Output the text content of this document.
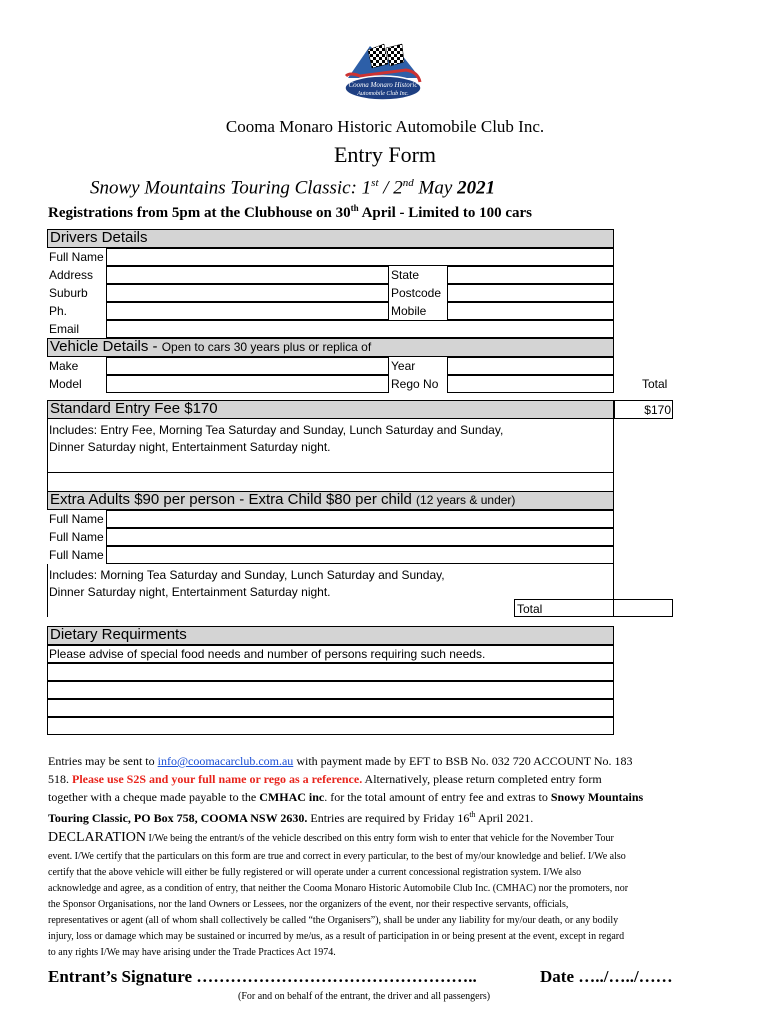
Cooma Monaro Historic
Automobile Club Inc.
Cooma Monaro Historic Automobile Club Inc.
Entry Form
Snowy Mountains Touring Classic: 1st / 2nd May 2021
Registrations from 5pm at the Clubhouse on 30th April - Limited to 100 cars
Drivers Details
Full Name
Address	State
Suburb	Postcode
Ph.	Mobile
Email
Vehicle Details - Open to cars 30 years plus or replica of
Make	Year
Model	Rego No	Total
Standard Entry Fee $170	$170
Includes: Entry Fee, Morning Tea Saturday and Sunday, Lunch Saturday and Sunday,
Dinner Saturday night, Entertainment Saturday night.
Extra Adults $90 per person - Extra Child $80 per child (12 years & under)
Full Name
Full Name
Full Name
Includes: Morning Tea Saturday and Sunday, Lunch Saturday and Sunday,
Dinner Saturday night, Entertainment Saturday night.
Total
Dietary Requirments
Please advise of special food needs and number of persons requiring such needs.
Entries may be sent to info@coomacarclub.com.au with payment made by EFT to BSB No. 032 720 ACCOUNT No. 183
518. Please use S2S and your full name or rego as a reference. Alternatively, please return completed entry form
together with a cheque made payable to the CMHAC inc. for the total amount of entry fee and extras to Snowy Mountains
Touring Classic, PO Box 758, COOMA NSW 2630. Entries are required by Friday 16th April 2021.
DECLARATION I/We being the entrant/s of the vehicle described on this entry form wish to enter that vehicle for the November Tour
event. I/We certify that the particulars on this form are true and correct in every particular, to the best of my/our knowledge and belief. I/We also
certify that the above vehicle will either be fully registered or will operate under a current concessional registration system. I/We also
acknowledge and agree, as a condition of entry, that neither the Cooma Monaro Historic Automobile Club Inc. (CMHAC) nor the promoters, nor
the Sponsor Organisations, nor the land Owners or Lessees, nor the organizers of the event, nor their respective servants, officials,
representatives or agent (all of whom shall collectively be called “the Organisers”), shall be under any liability for my/our death, or any bodily
injury, loss or damage which may be sustained or incurred by me/us, as a result of participation in or being present at the event, except in regard
to any rights I/We may have arising under the Trade Practices Act 1974.
Entrant’s Signature …………………………………………..	Date …../…../……
(For and on behalf of the entrant, the driver and all passengers)
